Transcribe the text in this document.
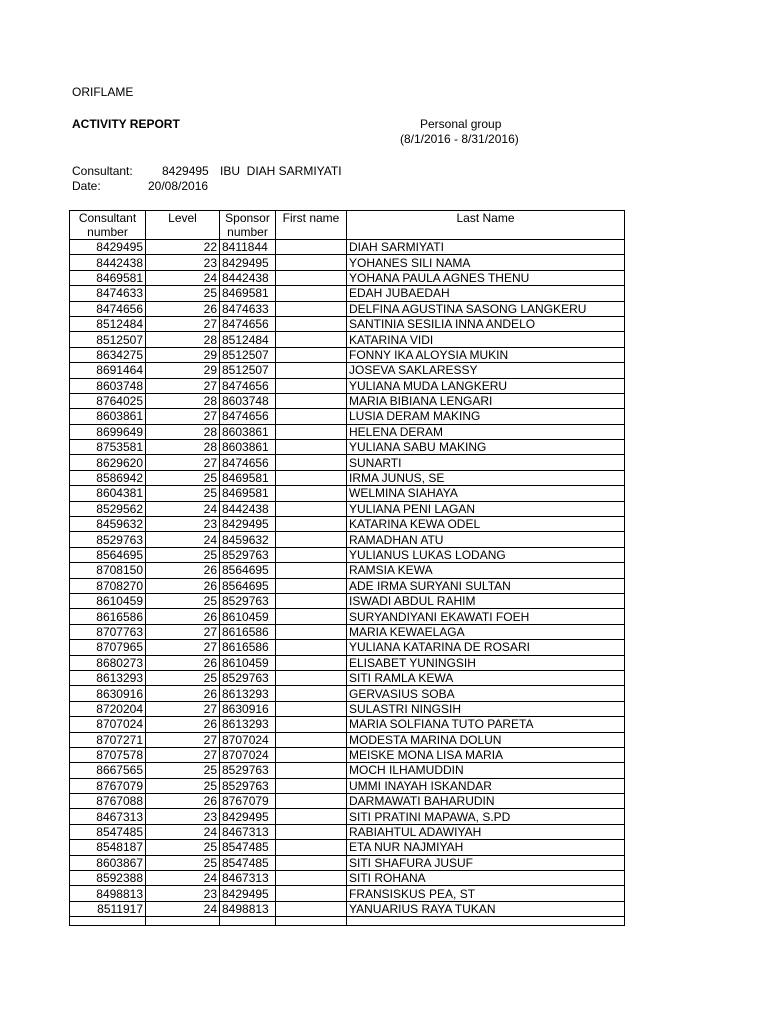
ORIFLAME
ACTIVITY REPORT	Personal group
(8/1/2016 - 8/31/2016)
Consultant: 8429495 IBU  DIAH SARMIYATI
Date:	20/08/2016
Consultant number	Level	Sponsor number	First name	Last Name
8429495	22	8411844		DIAH SARMIYATI
8442438	23	8429495		YOHANES SILI NAMA
8469581	24	8442438		YOHANA PAULA AGNES THENU
8474633	25	8469581		EDAH JUBAEDAH
8474656	26	8474633		DELFINA AGUSTINA SASONG LANGKERU
8512484	27	8474656		SANTINIA SESILIA INNA ANDELO
8512507	28	8512484		KATARINA VIDI
8634275	29	8512507		FONNY IKA ALOYSIA MUKIN
8691464	29	8512507		JOSEVA SAKLARESSY
8603748	27	8474656		YULIANA MUDA LANGKERU
8764025	28	8603748		MARIA BIBIANA LENGARI
8603861	27	8474656		LUSIA DERAM MAKING
8699649	28	8603861		HELENA DERAM
8753581	28	8603861		YULIANA SABU MAKING
8629620	27	8474656		SUNARTI
8586942	25	8469581		IRMA JUNUS, SE
8604381	25	8469581		WELMINA SIAHAYA
8529562	24	8442438		YULIANA PENI LAGAN
8459632	23	8429495		KATARINA KEWA ODEL
8529763	24	8459632		RAMADHAN ATU
8564695	25	8529763		YULIANUS LUKAS LODANG
8708150	26	8564695		RAMSIA KEWA
8708270	26	8564695		ADE IRMA SURYANI SULTAN
8610459	25	8529763		ISWADI ABDUL RAHIM
8616586	26	8610459		SURYANDIYANI EKAWATI FOEH
8707763	27	8616586		MARIA KEWAELAGA
8707965	27	8616586		YULIANA KATARINA DE ROSARI
8680273	26	8610459		ELISABET YUNINGSIH
8613293	25	8529763		SITI RAMLA KEWA
8630916	26	8613293		GERVASIUS SOBA
8720204	27	8630916		SULASTRI NINGSIH
8707024	26	8613293		MARIA SOLFIANA TUTO PARETA
8707271	27	8707024		MODESTA MARINA DOLUN
8707578	27	8707024		MEISKE MONA LISA MARIA
8667565	25	8529763		MOCH ILHAMUDDIN
8767079	25	8529763		UMMI INAYAH ISKANDAR
8767088	26	8767079		DARMAWATI BAHARUDIN
8467313	23	8429495		SITI PRATINI MAPAWA, S.PD
8547485	24	8467313		RABIAHTUL ADAWIYAH
8548187	25	8547485		ETA NUR NAJMIYAH
8603867	25	8547485		SITI SHAFURA JUSUF
8592388	24	8467313		SITI ROHANA
8498813	23	8429495		FRANSISKUS PEA, ST
8511917	24	8498813		YANUARIUS RAYA TUKAN
